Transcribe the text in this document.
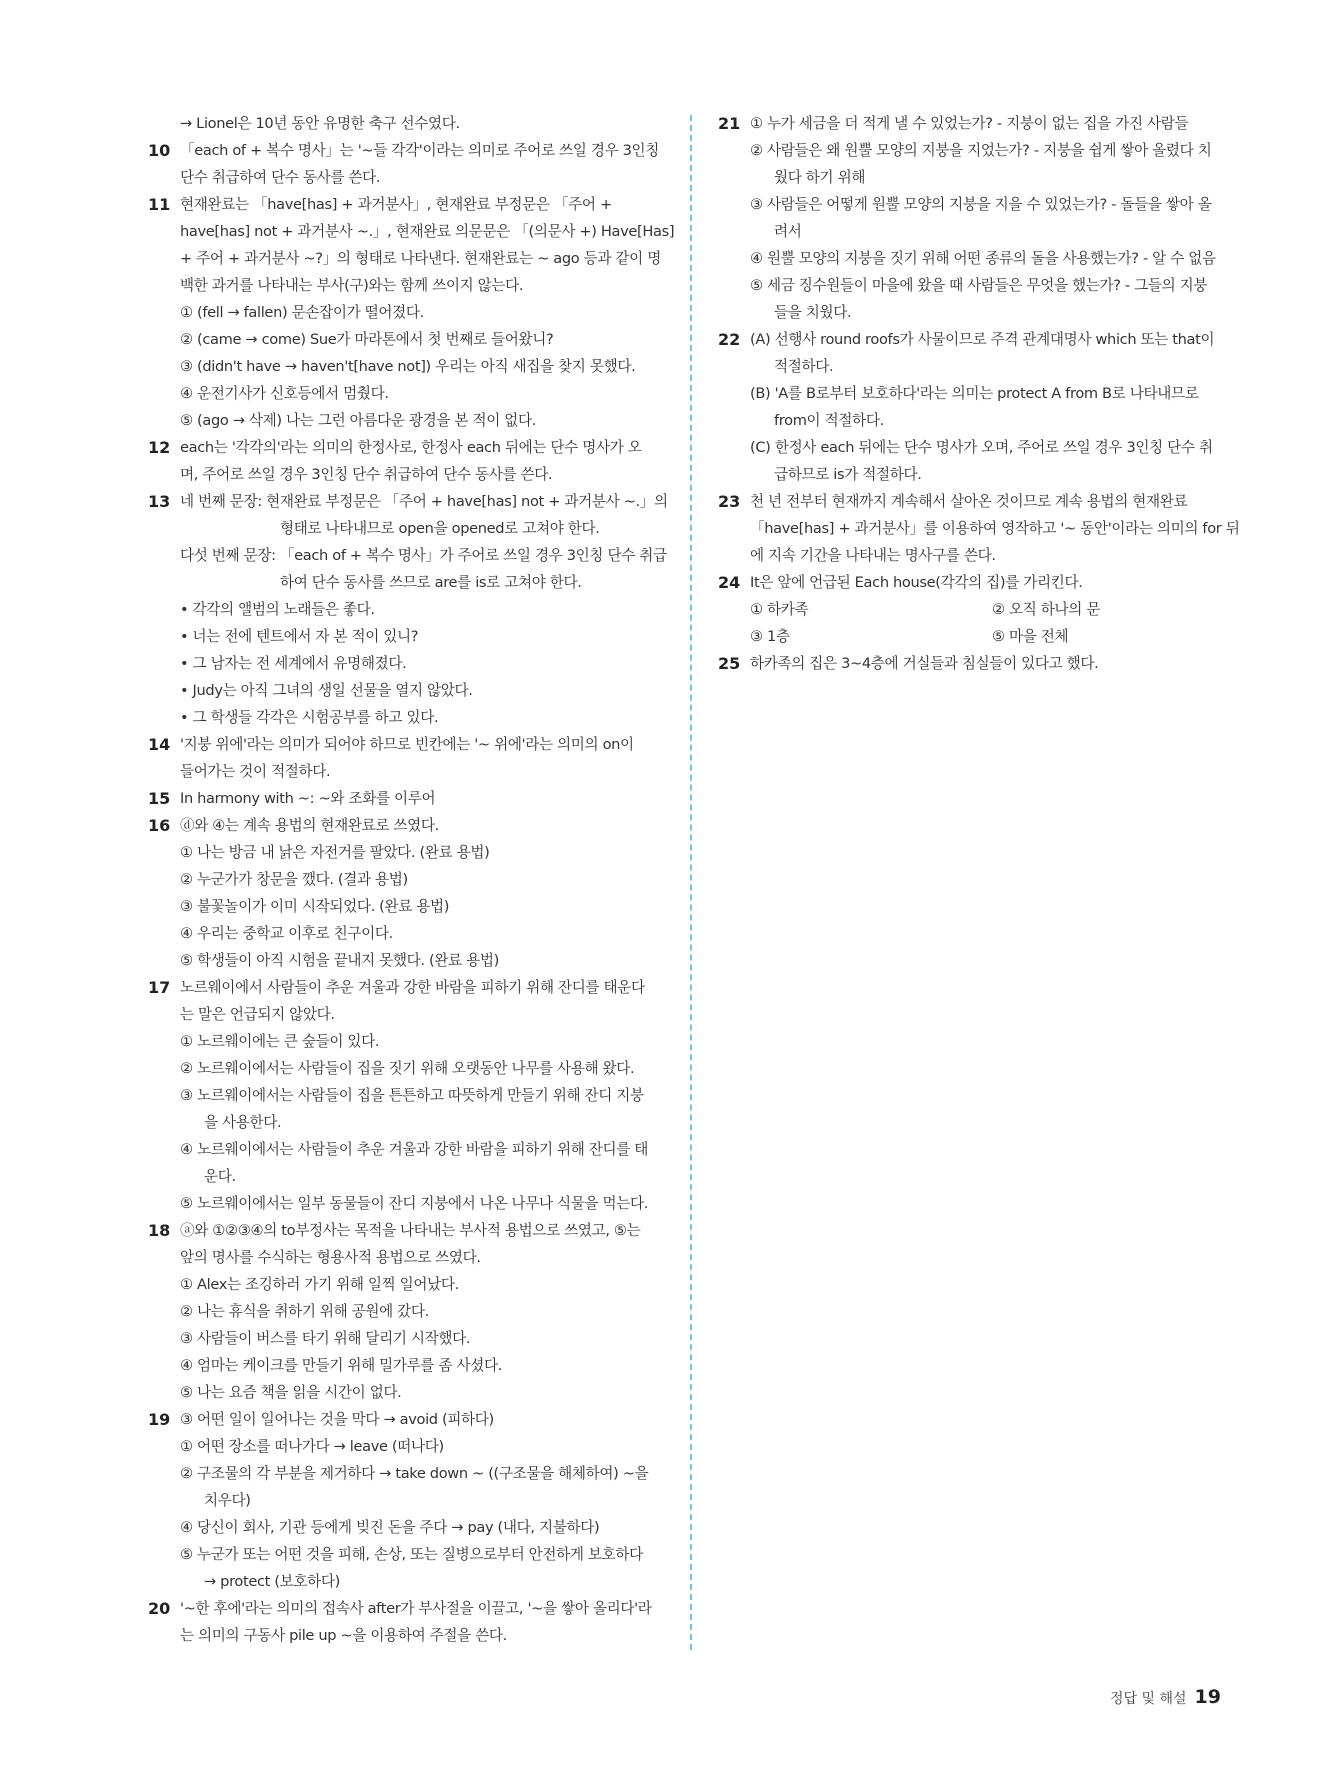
→ Lionel은 10년 동안 유명한 축구 선수였다.
10 「each of + 복수 명사」는 '~들 각각'이라는 의미로 주어로 쓰일 경우 3인칭
단수 취급하여 단수 동사를 쓴다.
11 현재완료는 「have[has] + 과거분사」, 현재완료 부정문은 「주어 +
have[has] not + 과거분사 ~.」, 현재완료 의문문은 「(의문사 +) Have[Has]
+ 주어 + 과거분사 ~?」의 형태로 나타낸다. 현재완료는 ~ ago 등과 같이 명
백한 과거를 나타내는 부사(구)와는 함께 쓰이지 않는다.
① (fell → fallen) 문손잡이가 떨어졌다.
② (came → come) Sue가 마라톤에서 첫 번째로 들어왔니?
③ (didn't have → haven't[have not]) 우리는 아직 새집을 찾지 못했다.
④ 운전기사가 신호등에서 멈췄다.
⑤ (ago → 삭제) 나는 그런 아름다운 광경을 본 적이 없다.
12 each는 '각각의'라는 의미의 한정사로, 한정사 each 뒤에는 단수 명사가 오
며, 주어로 쓰일 경우 3인칭 단수 취급하여 단수 동사를 쓴다.
13 네 번째 문장: 현재완료 부정문은 「주어 + have[has] not + 과거분사 ~.」의
형태로 나타내므로 open을 opened로 고쳐야 한다.
다섯 번째 문장: 「each of + 복수 명사」가 주어로 쓰일 경우 3인칭 단수 취급
하여 단수 동사를 쓰므로 are를 is로 고쳐야 한다.
• 각각의 앨범의 노래들은 좋다.
• 너는 전에 텐트에서 자 본 적이 있니?
• 그 남자는 전 세계에서 유명해졌다.
• Judy는 아직 그녀의 생일 선물을 열지 않았다.
• 그 학생들 각각은 시험공부를 하고 있다.
14 '지붕 위에'라는 의미가 되어야 하므로 빈칸에는 '~ 위에'라는 의미의 on이
들어가는 것이 적절하다.
15 In harmony with ~: ~와 조화를 이루어
16 ⓓ와 ④는 계속 용법의 현재완료로 쓰였다.
① 나는 방금 내 낡은 자전거를 팔았다. (완료 용법)
② 누군가가 창문을 깼다. (결과 용법)
③ 불꽃놀이가 이미 시작되었다. (완료 용법)
④ 우리는 중학교 이후로 친구이다.
⑤ 학생들이 아직 시험을 끝내지 못했다. (완료 용법)
17 노르웨이에서 사람들이 추운 겨울과 강한 바람을 피하기 위해 잔디를 태운다
는 말은 언급되지 않았다.
① 노르웨이에는 큰 숲들이 있다.
② 노르웨이에서는 사람들이 집을 짓기 위해 오랫동안 나무를 사용해 왔다.
③ 노르웨이에서는 사람들이 집을 튼튼하고 따뜻하게 만들기 위해 잔디 지붕
을 사용한다.
④ 노르웨이에서는 사람들이 추운 겨울과 강한 바람을 피하기 위해 잔디를 태
운다.
⑤ 노르웨이에서는 일부 동물들이 잔디 지붕에서 나온 나무나 식물을 먹는다.
18 ⓐ와 ①②③④의 to부정사는 목적을 나타내는 부사적 용법으로 쓰였고, ⑤는
앞의 명사를 수식하는 형용사적 용법으로 쓰였다.
① Alex는 조깅하러 가기 위해 일찍 일어났다.
② 나는 휴식을 취하기 위해 공원에 갔다.
③ 사람들이 버스를 타기 위해 달리기 시작했다.
④ 엄마는 케이크를 만들기 위해 밀가루를 좀 사셨다.
⑤ 나는 요즘 책을 읽을 시간이 없다.
19 ③ 어떤 일이 일어나는 것을 막다 → avoid (피하다)
① 어떤 장소를 떠나가다 → leave (떠나다)
② 구조물의 각 부분을 제거하다 → take down ~ ((구조물을 해체하여) ~을
치우다)
④ 당신이 회사, 기관 등에게 빚진 돈을 주다 → pay (내다, 지불하다)
⑤ 누군가 또는 어떤 것을 피해, 손상, 또는 질병으로부터 안전하게 보호하다
→ protect (보호하다)
20 '~한 후에'라는 의미의 접속사 after가 부사절을 이끌고, '~을 쌓아 올리다'라
는 의미의 구동사 pile up ~을 이용하여 주절을 쓴다.
21 ① 누가 세금을 더 적게 낼 수 있었는가? - 지붕이 없는 집을 가진 사람들
② 사람들은 왜 원뿔 모양의 지붕을 지었는가? - 지붕을 쉽게 쌓아 올렸다 치
웠다 하기 위해
③ 사람들은 어떻게 원뿔 모양의 지붕을 지을 수 있었는가? - 돌들을 쌓아 올
려서
④ 원뿔 모양의 지붕을 짓기 위해 어떤 종류의 돌을 사용했는가? - 알 수 없음
⑤ 세금 징수원들이 마을에 왔을 때 사람들은 무엇을 했는가? - 그들의 지붕
들을 치웠다.
22 (A) 선행사 round roofs가 사물이므로 주격 관계대명사 which 또는 that이
적절하다.
(B) 'A를 B로부터 보호하다'라는 의미는 protect A from B로 나타내므로
from이 적절하다.
(C) 한정사 each 뒤에는 단수 명사가 오며, 주어로 쓰일 경우 3인칭 단수 취
급하므로 is가 적절하다.
23 천 년 전부터 현재까지 계속해서 살아온 것이므로 계속 용법의 현재완료
「have[has] + 과거분사」를 이용하여 영작하고 '~ 동안'이라는 의미의 for 뒤
에 지속 기간을 나타내는 명사구를 쓴다.
24 It은 앞에 언급된 Each house(각각의 집)를 가리킨다.
① 하카족	② 오직 하나의 문
③ 1층	⑤ 마을 전체
25 하카족의 집은 3~4층에 거실들과 침실들이 있다고 했다.
정답 및 해설 19
